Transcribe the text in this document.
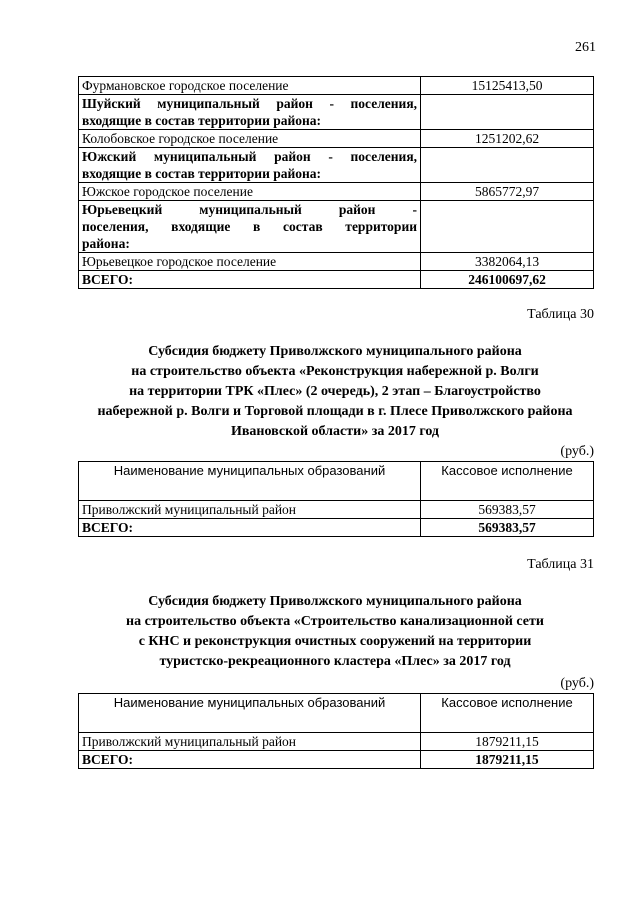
261
Фурмановское городское поселение	15125413,50
Шуйский муниципальный район - поселения, входящие в состав территории района:	
Колобовское городское поселение	1251202,62
Южский муниципальный район - поселения, входящие в состав территории района:	
Южское городское поселение	5865772,97
Юрьевецкий муниципальный район - поселения, входящие в состав территории района:	
Юрьевецкое городское поселение	3382064,13
ВСЕГО:	246100697,62
Таблица 30
Субсидия бюджету Приволжского муниципального района
на строительство объекта «Реконструкция набережной р. Волги
на территории ТРК «Плес» (2 очередь), 2 этап – Благоустройство
набережной р. Волги и Торговой площади в г. Плесе Приволжского района
Ивановской области» за 2017 год
(руб.)
Наименование муниципальных образований	Кассовое исполнение
Приволжский муниципальный район	569383,57
ВСЕГО:	569383,57
Таблица 31
Субсидия бюджету Приволжского муниципального района
на строительство объекта «Строительство канализационной сети
с КНС и реконструкция очистных сооружений на территории
туристско-рекреационного кластера «Плес» за 2017 год
(руб.)
Наименование муниципальных образований	Кассовое исполнение
Приволжский муниципальный район	1879211,15
ВСЕГО:	1879211,15
